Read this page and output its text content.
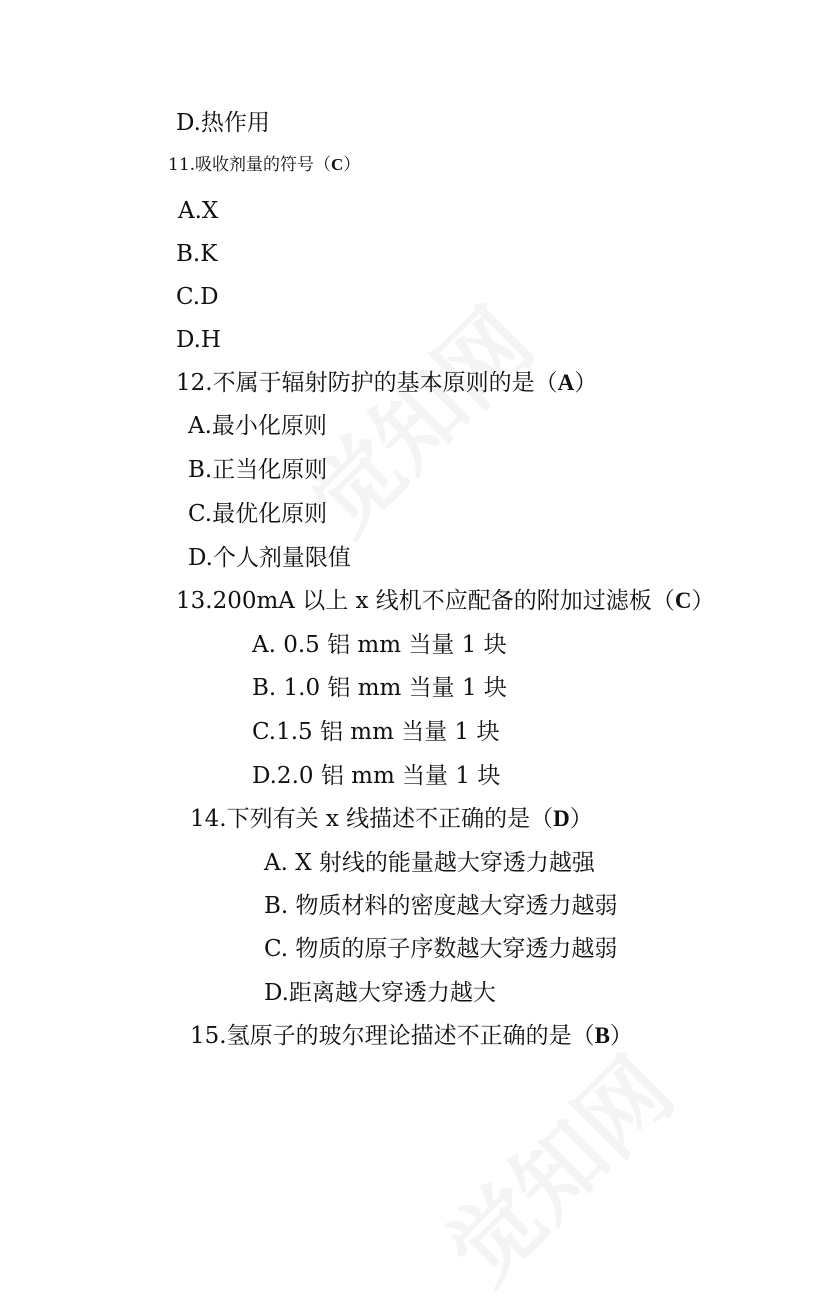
D.热作用
11.吸收剂量的符号（C）
A.X
B.K
C.D
D.H
12.不属于辐射防护的基本原则的是（A）
A.最小化原则
B.正当化原则
C.最优化原则
D.个人剂量限值
13.200mA 以上 x 线机不应配备的附加过滤板（C）
A. 0.5 铝 mm 当量 1 块
B. 1.0 铝 mm 当量 1 块
C.1.5 铝 mm 当量 1 块
D.2.0 铝 mm 当量 1 块
14.下列有关 x 线描述不正确的是（D）
A. X 射线的能量越大穿透力越强
B. 物质材料的密度越大穿透力越弱
C. 物质的原子序数越大穿透力越弱
D.距离越大穿透力越大
15.氢原子的玻尔理论描述不正确的是（B）
